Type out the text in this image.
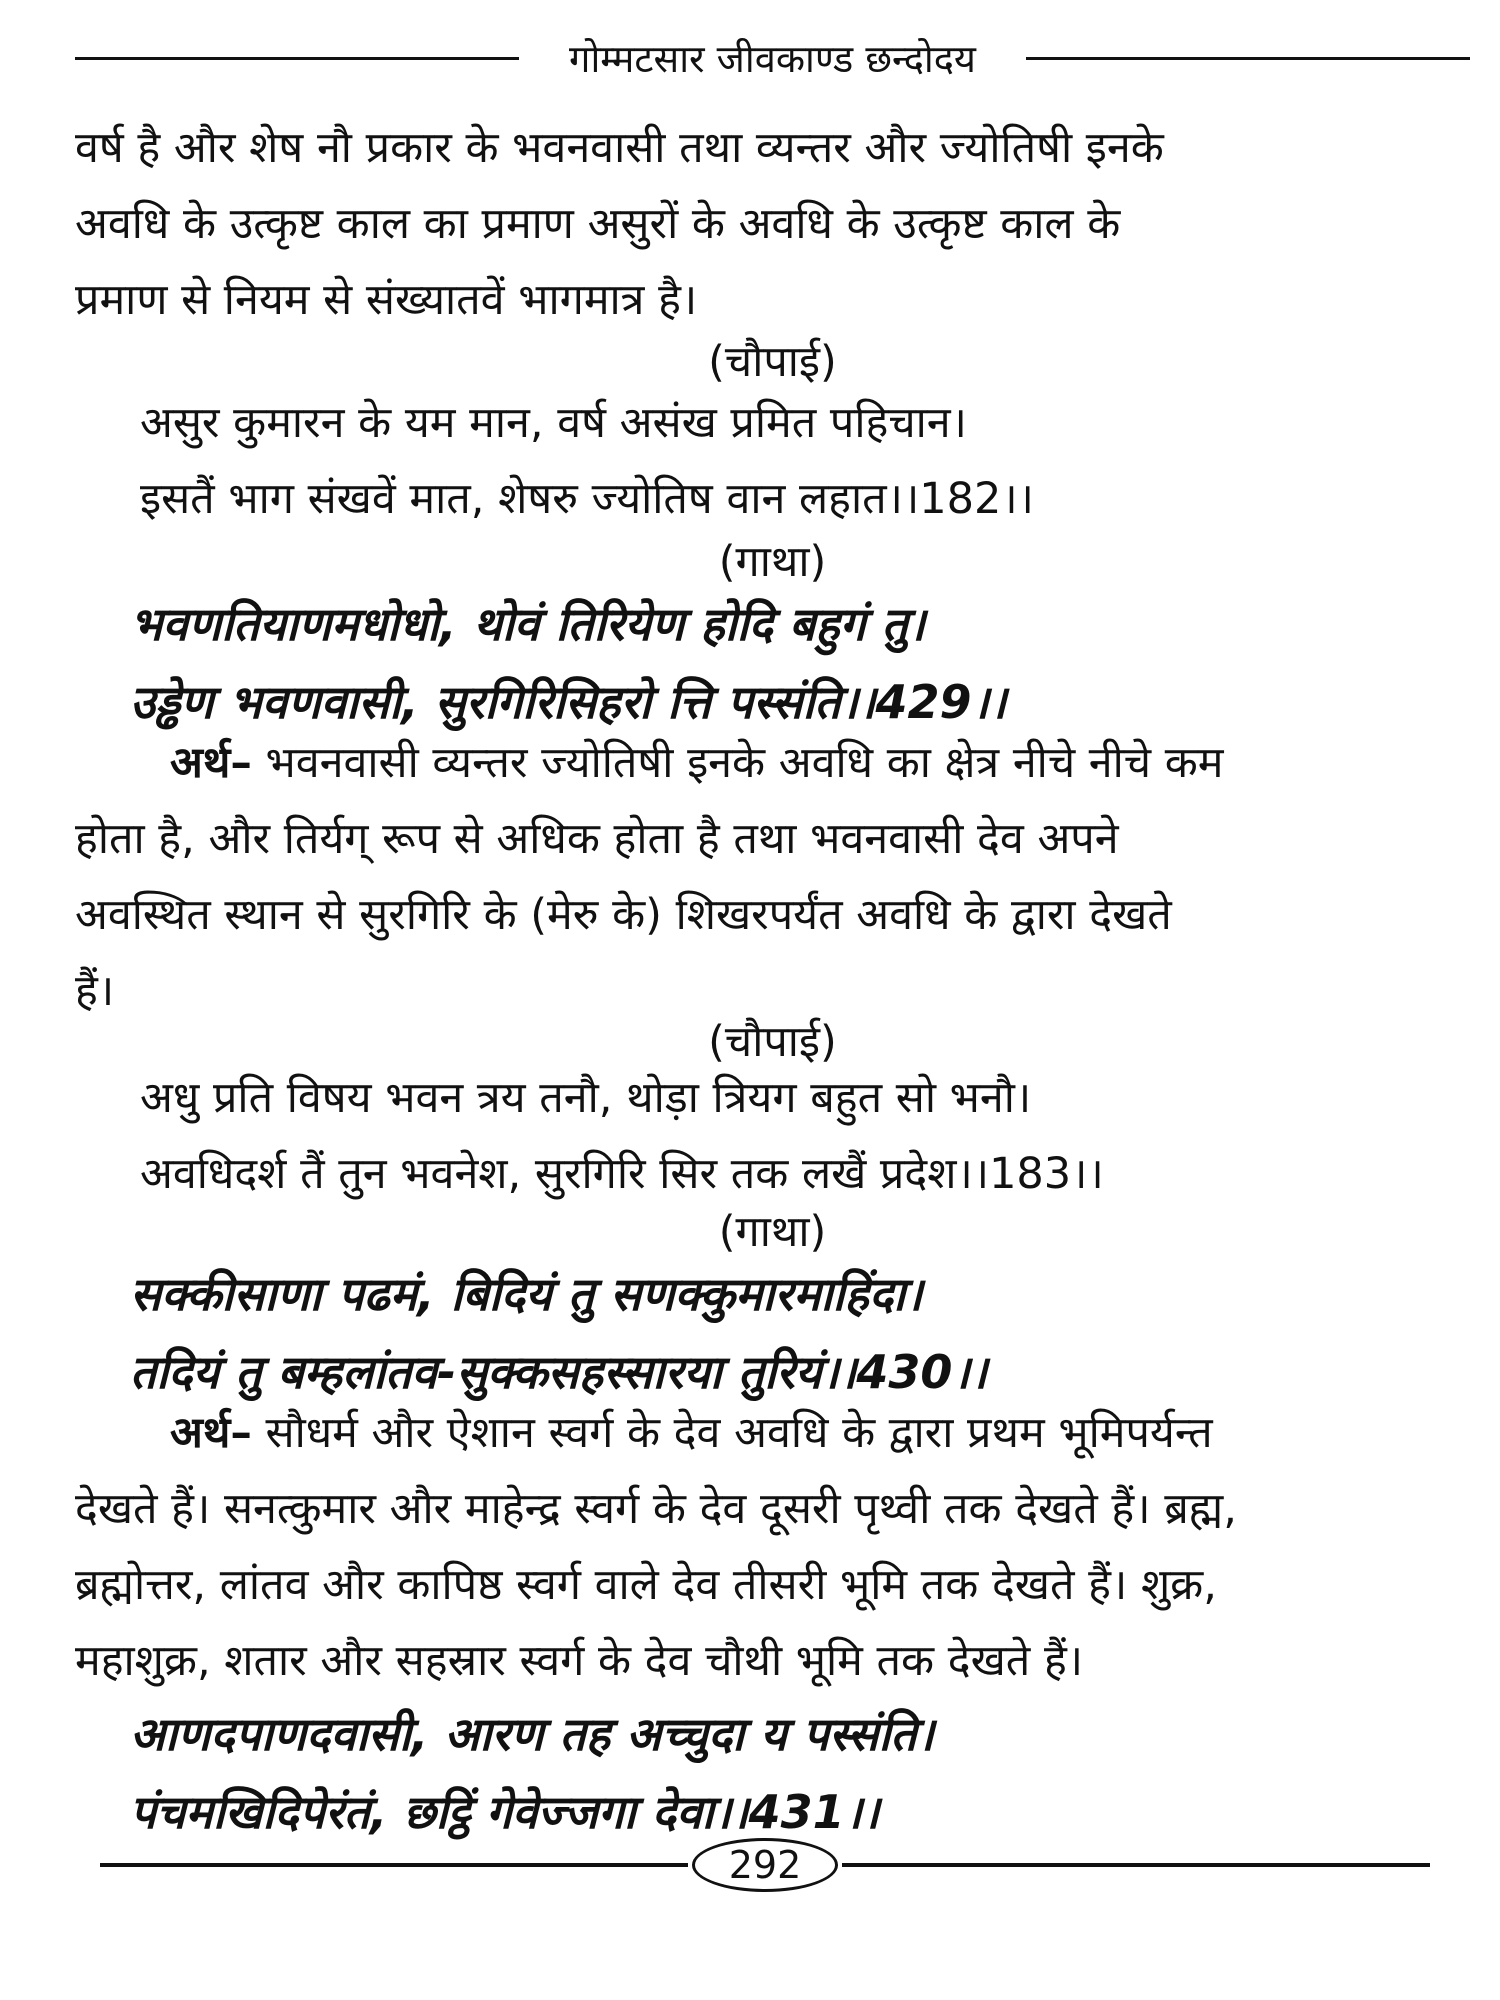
गोम्मटसार जीवकाण्ड छन्दोदय

वर्ष है और शेष नौ प्रकार के भवनवासी तथा व्यन्तर और ज्योतिषी इनके

अवधि के उत्कृष्ट काल का प्रमाण असुरों के अवधि के उत्कृष्ट काल के

प्रमाण से नियम से संख्यातवें भागमात्र है।

(चौपाई)

असुर कुमारन के यम मान, वर्ष असंख प्रमित पहिचान।

इसतैं भाग संखवें मात, शेषरु ज्योतिष वान लहात।।182।।

(गाथा)

भवणतियाणमधोधो, थोवं तिरियेण होदि बहुगं तु।

उड्ढेण भवणवासी, सुरगिरिसिहरो त्ति पस्संति।।429।।

अर्थ– भवनवासी व्यन्तर ज्योतिषी इनके अवधि का क्षेत्र नीचे नीचे कम

होता है, और तिर्यग् रूप से अधिक होता है तथा भवनवासी देव अपने

अवस्थित स्थान से सुरगिरि के (मेरु के) शिखरपर्यंत अवधि के द्वारा देखते

हैं।

(चौपाई)

अधु प्रति विषय भवन त्रय तनौ, थोड़ा त्रियग बहुत सो भनौ।

अवधिदर्श तैं तुन भवनेश, सुरगिरि सिर तक लखैं प्रदेश।।183।।

(गाथा)

सक्कीसाणा पढमं, बिदियं तु सणक्कुमारमाहिंदा।

तदियं तु बम्हलांतव-सुक्कसहस्सारया तुरियं।।430।।

अर्थ– सौधर्म और ऐशान स्वर्ग के देव अवधि के द्वारा प्रथम भूमिपर्यन्त

देखते हैं। सनत्कुमार और माहेन्द्र स्वर्ग के देव दूसरी पृथ्वी तक देखते हैं। ब्रह्म,

ब्रह्मोत्तर, लांतव और कापिष्ठ स्वर्ग वाले देव तीसरी भूमि तक देखते हैं। शुक्र,

महाशुक्र, शतार और सहस्रार स्वर्ग के देव चौथी भूमि तक देखते हैं।

आणदपाणदवासी, आरण तह अच्चुदा य पस्संति।

पंचमखिदिपेरंतं, छट्ठिं गेवेज्जगा देवा।।431।।

292
